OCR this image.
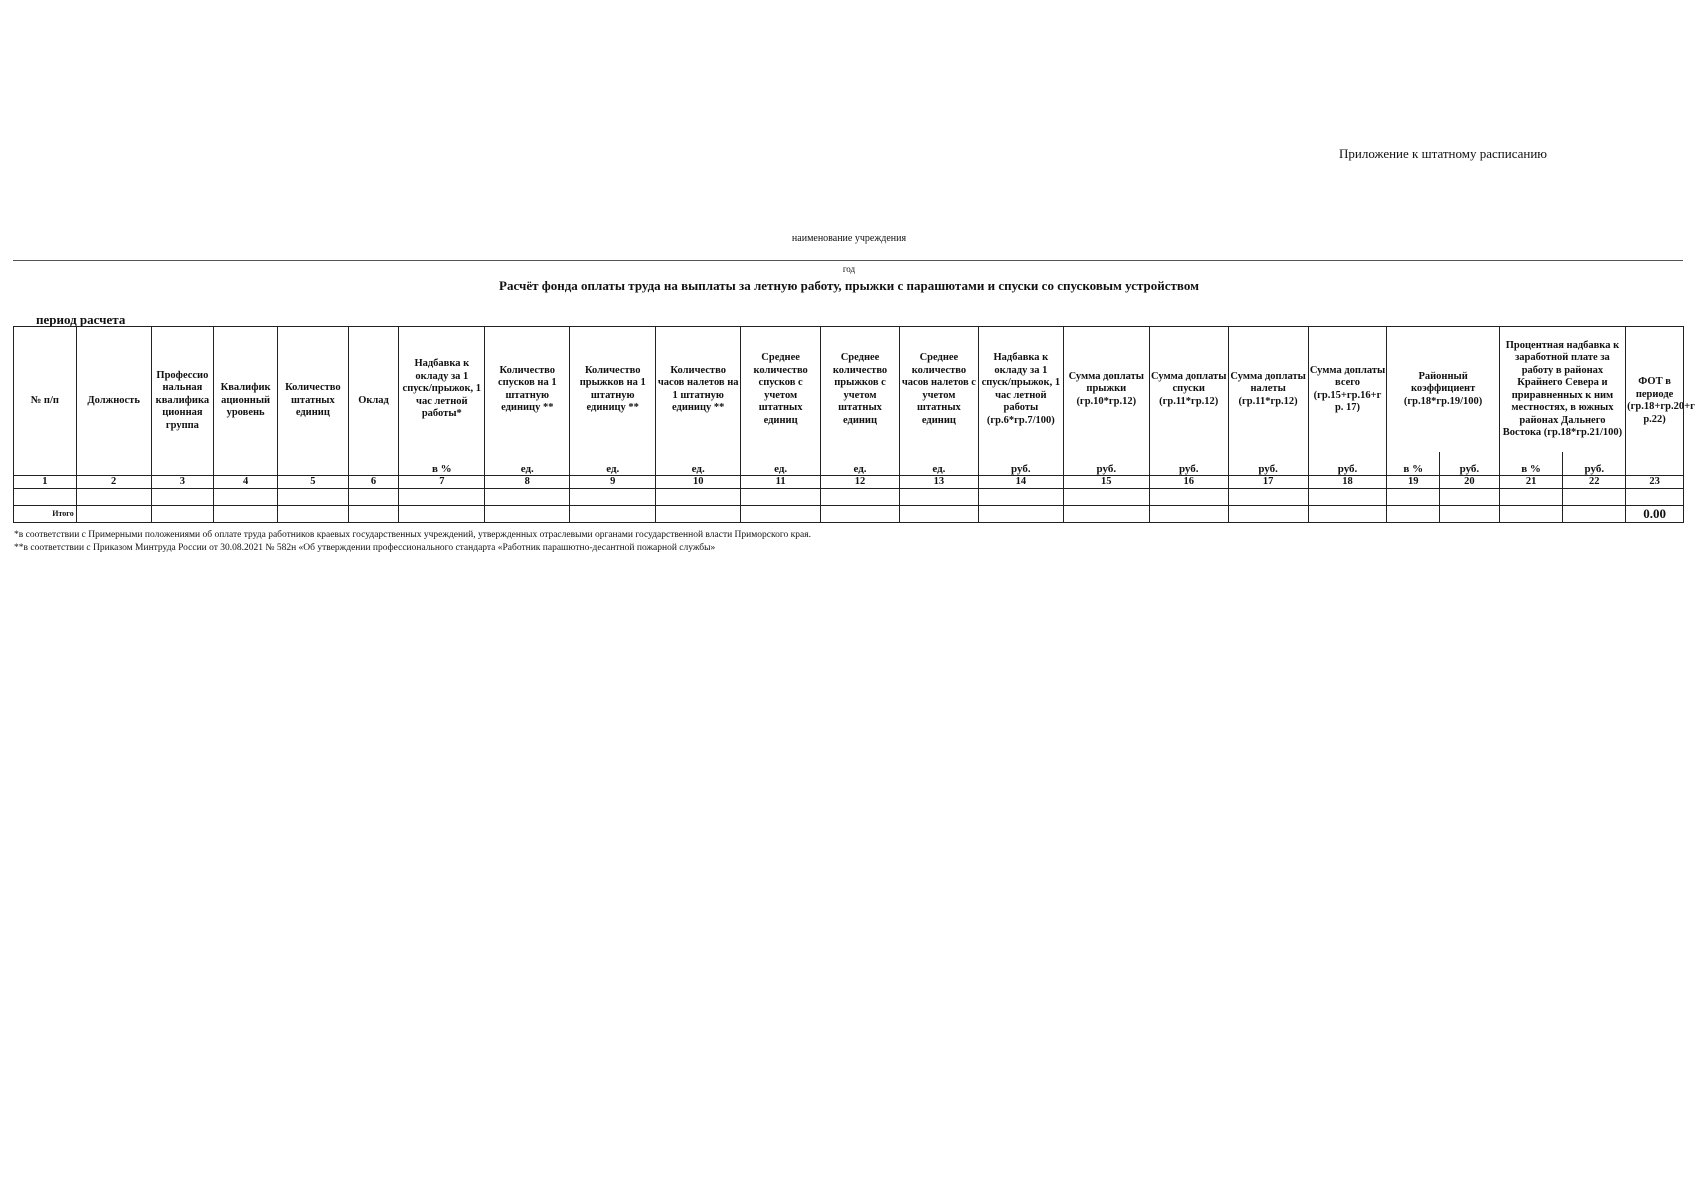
Приложение к штатному расписанию
наименование учреждения
год
Расчёт фонда оплаты труда на выплаты за летную работу, прыжки с парашютами и спуски со спусковым устройством
период расчета
№ п/п	Должность	Профессио нальная квалифика ционная группа	Квалифик ационный уровень	Количество штатных единиц	Оклад	Надбавка к окладу за 1 спуск/прыжок, 1 час летной работы*	Количество спусков на 1 штатную единицу **	Количество прыжков на 1 штатную единицу **	Количество часов налетов на 1 штатную единицу **	Среднее количество спусков с учетом штатных единиц	Среднее количество прыжков с учетом штатных единиц	Среднее количество часов налетов с учетом штатных единиц	Надбавка к окладу за 1 спуск/прыжок, 1 час летной работы (гр.6*гр.7/100)	Сумма доплаты прыжки (гр.10*гр.12)	Сумма доплаты спуски (гр.11*гр.12)	Сумма доплаты налеты (гр.11*гр.12)	Сумма доплаты всего (гр.15+гр.16+г р. 17)	Районный коэффициент (гр.18*гр.19/100)		Процентная надбавка к заработной плате за работу в районах Крайнего Севера и приравненных к ним местностях, в южных районах Дальнего Востока (гр.18*гр.21/100)		ФОТ в периоде (гр.18+гр.20+г р.22)
						в %	ед.	ед.	ед.	ед.	ед.	ед.	руб.	руб.	руб.	руб.	руб.	в %	руб.	в %	руб.	
1	2	3	4	5	6	7	8	9	10	11	12	13	14	15	16	17	18	19	20	21	22	23

Итого																						0.00
*в соответствии с Примерными положениями об оплате труда работников краевых государственных учреждений, утвержденных отраслевыми органами государственной власти Приморского края.
**в соответствии с Приказом Минтруда России от 30.08.2021 № 582н «Об утверждении профессионального стандарта «Работник парашютно-десантной пожарной службы»
